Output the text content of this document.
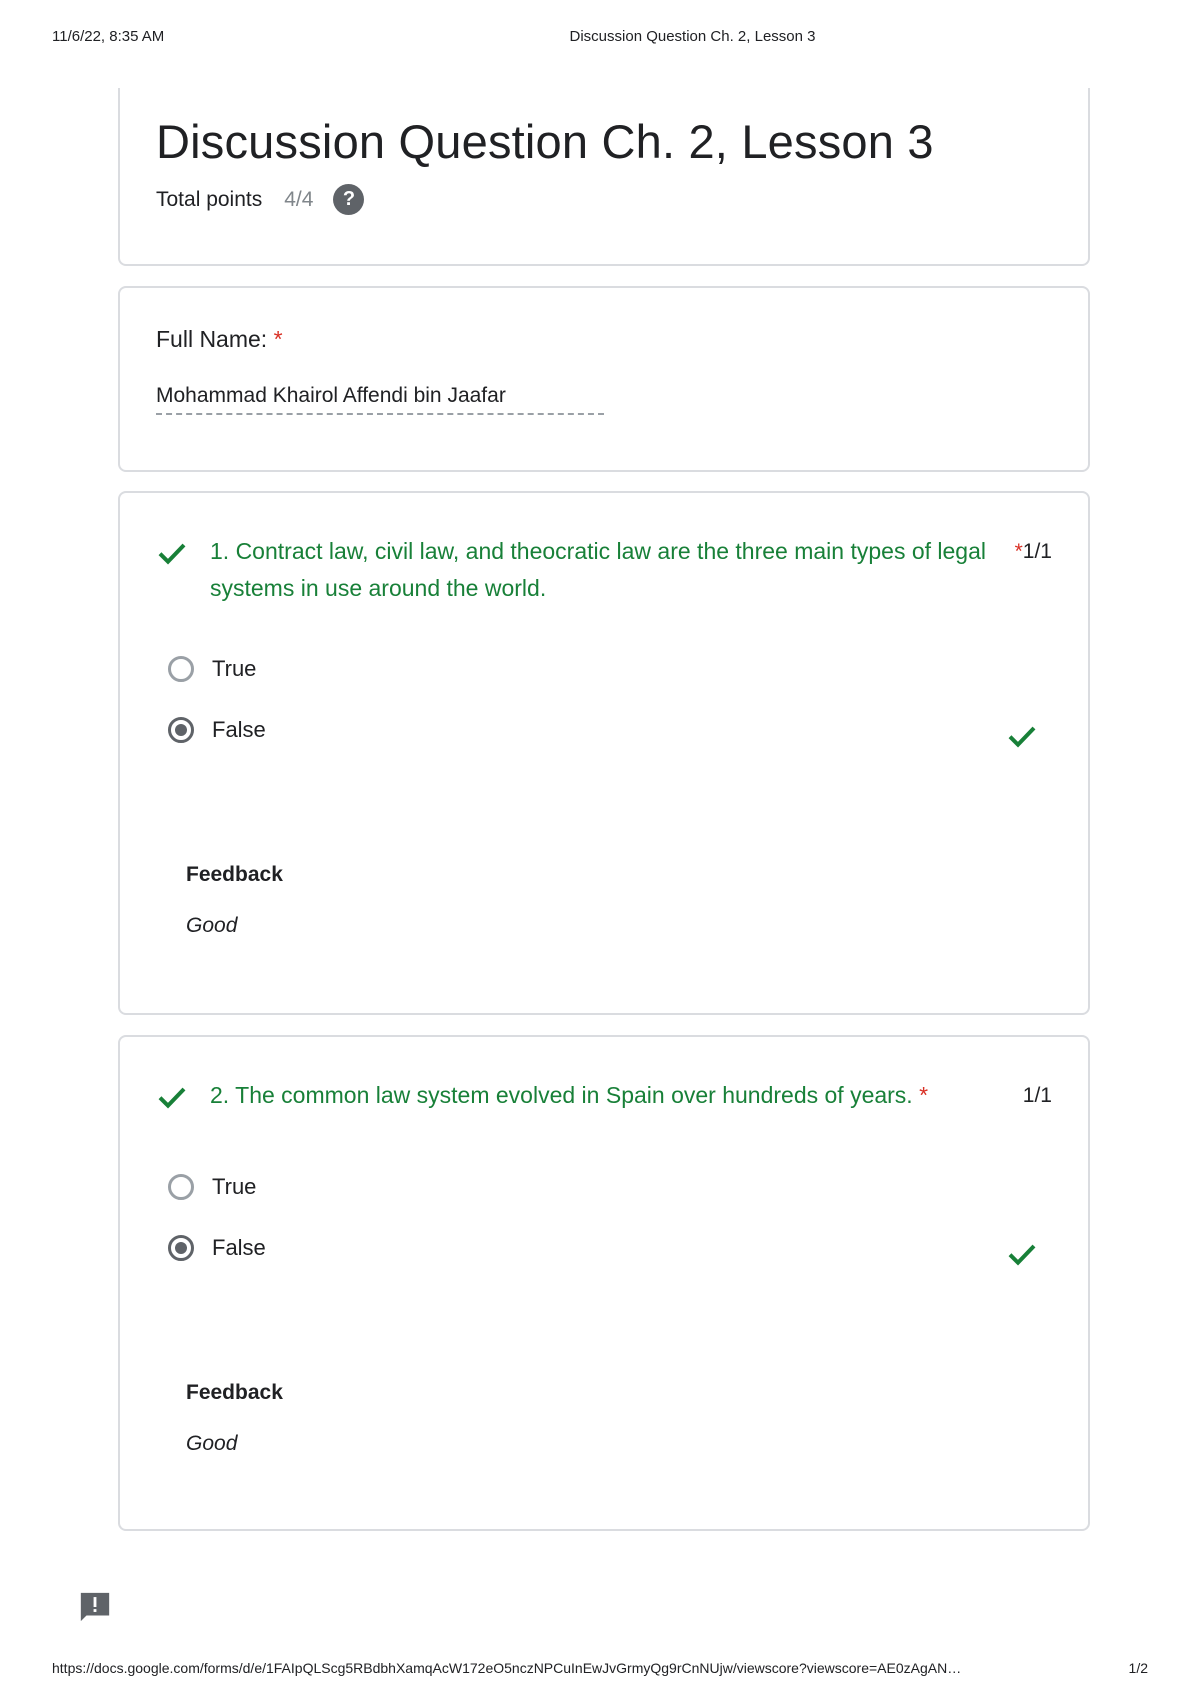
11/6/22, 8:35 AM	Discussion Question Ch. 2, Lesson 3
Discussion Question Ch. 2, Lesson 3
Total points 4/4	?
Full Name: *
Mohammad Khairol Affendi bin Jaafar
1. Contract law, civil law, and theocratic law are the three main types of legal systems in use around the world.
*1/1
True
False
Feedback
Good
2. The common law system evolved in Spain over hundreds of years. *	1/1
True
False
Feedback
Good
https://docs.google.com/forms/d/e/1FAIpQLScg5RBdbhXamqAcW172eO5nczNPCuInEwJvGrmyQg9rCnNUjw/viewscore?viewscore=AE0zAgAN…	1/2
